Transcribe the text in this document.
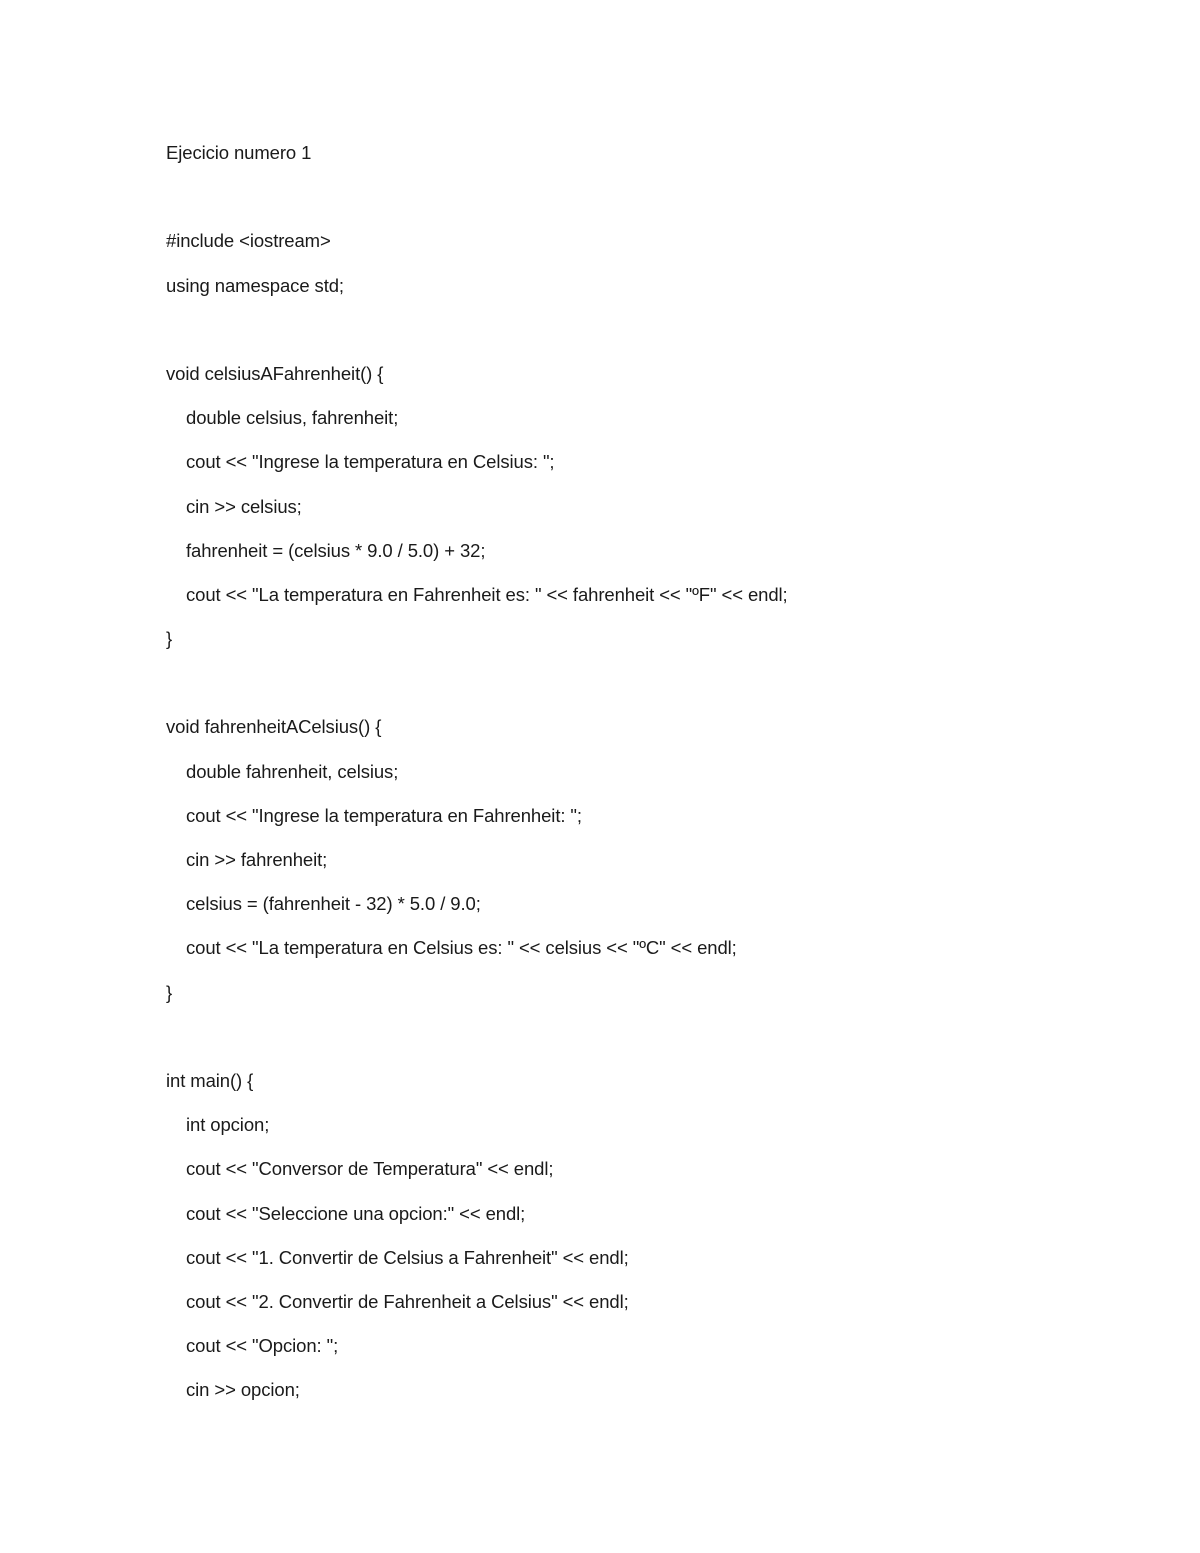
Ejecicio numero 1
#include <iostream>
using namespace std;
void celsiusAFahrenheit() {
double celsius, fahrenheit;
cout << "Ingrese la temperatura en Celsius: ";
cin >> celsius;
fahrenheit = (celsius * 9.0 / 5.0) + 32;
cout << "La temperatura en Fahrenheit es: " << fahrenheit << "ºF" << endl;
}
void fahrenheitACelsius() {
double fahrenheit, celsius;
cout << "Ingrese la temperatura en Fahrenheit: ";
cin >> fahrenheit;
celsius = (fahrenheit - 32) * 5.0 / 9.0;
cout << "La temperatura en Celsius es: " << celsius << "ºC" << endl;
}
int main() {
int opcion;
cout << "Conversor de Temperatura" << endl;
cout << "Seleccione una opcion:" << endl;
cout << "1. Convertir de Celsius a Fahrenheit" << endl;
cout << "2. Convertir de Fahrenheit a Celsius" << endl;
cout << "Opcion: ";
cin >> opcion;
